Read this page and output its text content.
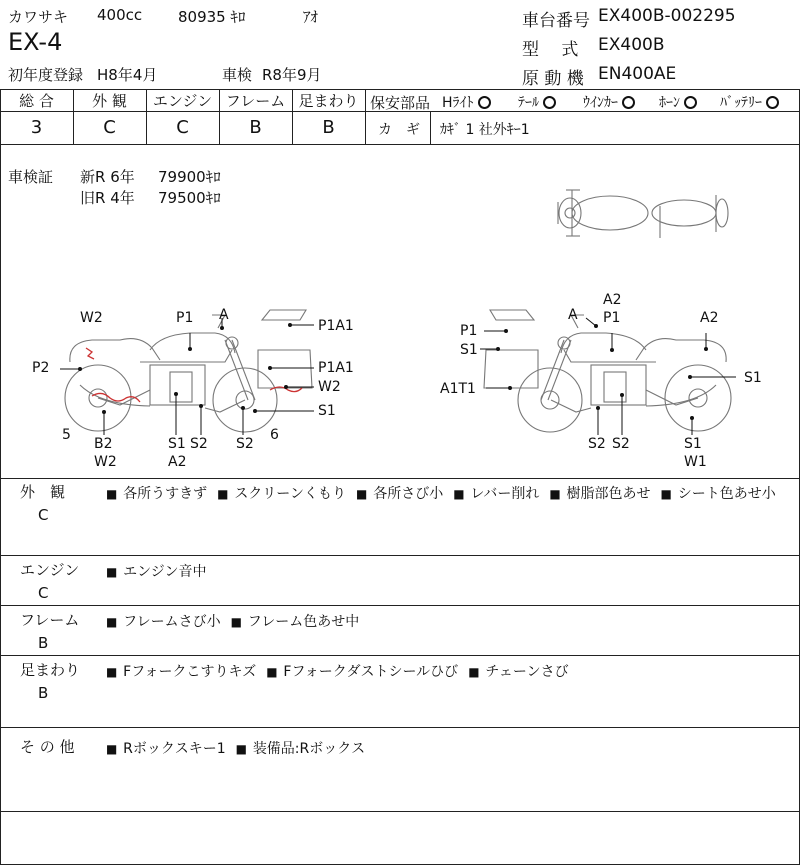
カワサキ 400cc 80935 ｷﾛ	ｱｵ
EX-4
初年度登録 H8年4月	車検 R8年9月
車台番号 EX400B-002295
型　 式 EX400B
原 動 機 EN400AE
総 合	外 観	エンジン フレーム 足まわり
3	C	C	B	B
保安部品 Hﾗｲﾄ	ﾃｰﾙ	ｳｲﾝｶｰ	ﾎｰﾝ	ﾊﾞｯﾃﾘｰ
カ　ギ ｶｷﾞ 1 社外ｷｰ1
車検証 新R 6年 79900ｷﾛ
旧R 4年 79500ｷﾛ
W2	P1 A
P1A1
P2	P1A1
W2
S1
5
B2
W2
S1 S2
A2
S2
6
A2
A P1	A2
P1
S1
A1T1
S1
S2 S2	S1
W1
外　観
C
■ 各所うすきず ■ スクリーンくもり ■ 各所さび小 ■ レバー削れ ■ 樹脂部色あせ ■ シート色あせ小
エンジン
C
■ エンジン音中
フレーム
B
■ フレームさび小 ■ フレーム色あせ中
足まわり
B
■ Fフォークこすりキズ ■ Fフォークダストシールひび ■ チェーンさび
そ の 他	■ Rボックスキー1 ■ 装備品:Rボックス
